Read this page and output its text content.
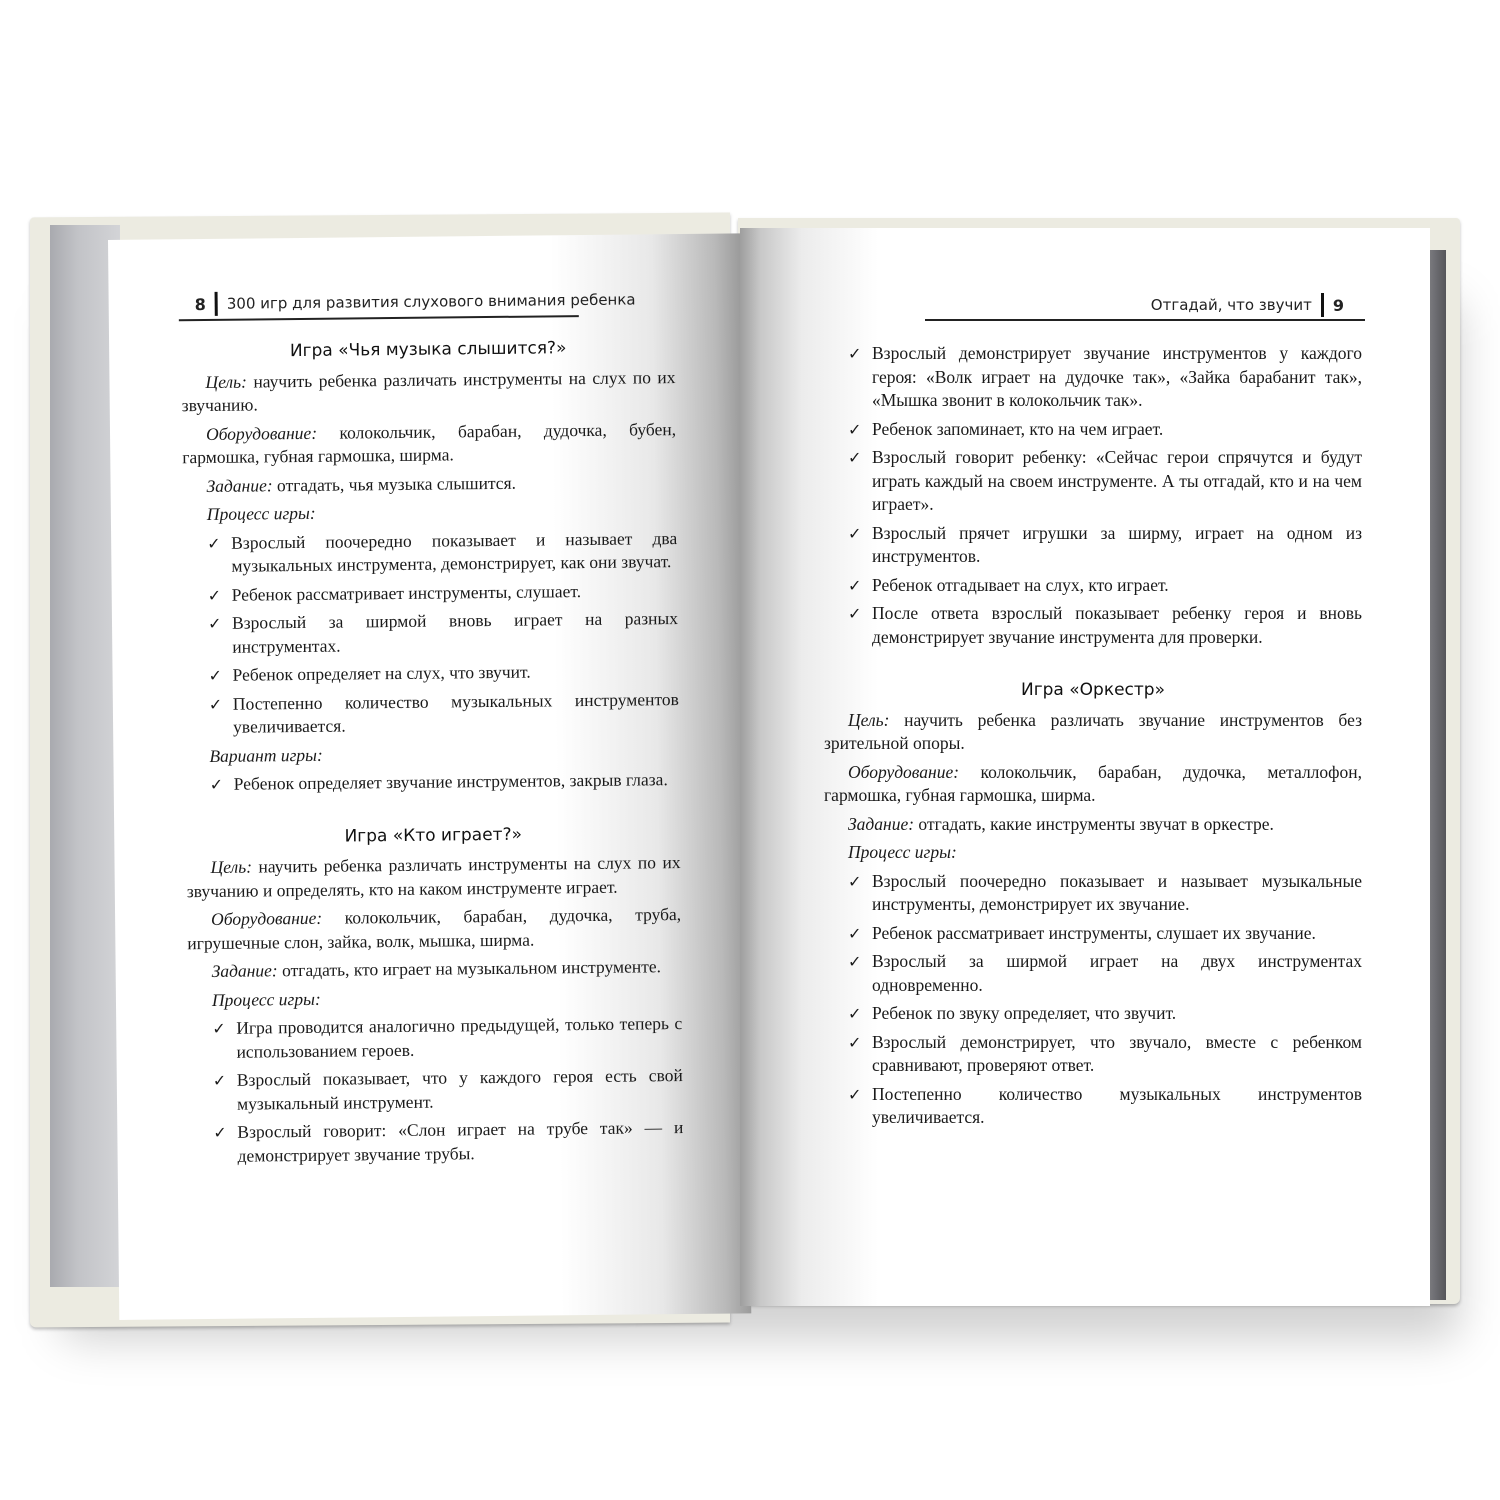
8 300 игр для развития слухового внимания ребенка
Игра «Чья музыка слышится?»
Цель: научить ребенка различать инструменты на слух по их звучанию.
Оборудование: колокольчик, барабан, дудочка, бубен, гармошка, губная гармошка, ширма.
Задание: отгадать, чья музыка слышится.
Процесс игры:
✓ Взрослый поочередно показывает и называет два музыкальных инструмента, демонстрирует, как они звучат.
✓ Ребенок рассматривает инструменты, слушает.
✓ Взрослый за ширмой вновь играет на разных инструментах.
✓ Ребенок определяет на слух, что звучит.
✓ Постепенно количество музыкальных инструментов увеличивается.
Вариант игры:
✓ Ребенок определяет звучание инструментов, закрыв глаза.
Игра «Кто играет?»
Цель: научить ребенка различать инструменты на слух по их звучанию и определять, кто на каком инструменте играет.
Оборудование: колокольчик, барабан, дудочка, труба, игрушечные слон, зайка, волк, мышка, ширма.
Задание: отгадать, кто играет на музыкальном инструменте.
Процесс игры:
✓ Игра проводится аналогично предыдущей, только теперь с использованием героев.
✓ Взрослый показывает, что у каждого героя есть свой музыкальный инструмент.
✓ Взрослый говорит: «Слон играет на трубе так» — и демонстрирует звучание трубы.
Отгадай, что звучит 9
✓ Взрослый демонстрирует звучание инструментов у каждого героя: «Волк играет на дудочке так», «Зайка барабанит так», «Мышка звонит в колокольчик так».
✓ Ребенок запоминает, кто на чем играет.
✓ Взрослый говорит ребенку: «Сейчас герои спрячутся и будут играть каждый на своем инструменте. А ты отгадай, кто и на чем играет».
✓ Взрослый прячет игрушки за ширму, играет на одном из инструментов.
✓ Ребенок отгадывает на слух, кто играет.
✓ После ответа взрослый показывает ребенку героя и вновь демонстрирует звучание инструмента для проверки.
Игра «Оркестр»
Цель: научить ребенка различать звучание инструментов без зрительной опоры.
Оборудование: колокольчик, барабан, дудочка, металлофон, гармошка, губная гармошка, ширма.
Задание: отгадать, какие инструменты звучат в оркестре.
Процесс игры:
✓ Взрослый поочередно показывает и называет музыкальные инструменты, демонстрирует их звучание.
✓ Ребенок рассматривает инструменты, слушает их звучание.
✓ Взрослый за ширмой играет на двух инструментах одновременно.
✓ Ребенок по звуку определяет, что звучит.
✓ Взрослый демонстрирует, что звучало, вместе с ребенком сравнивают, проверяют ответ.
✓ Постепенно количество музыкальных инструментов увеличивается.
